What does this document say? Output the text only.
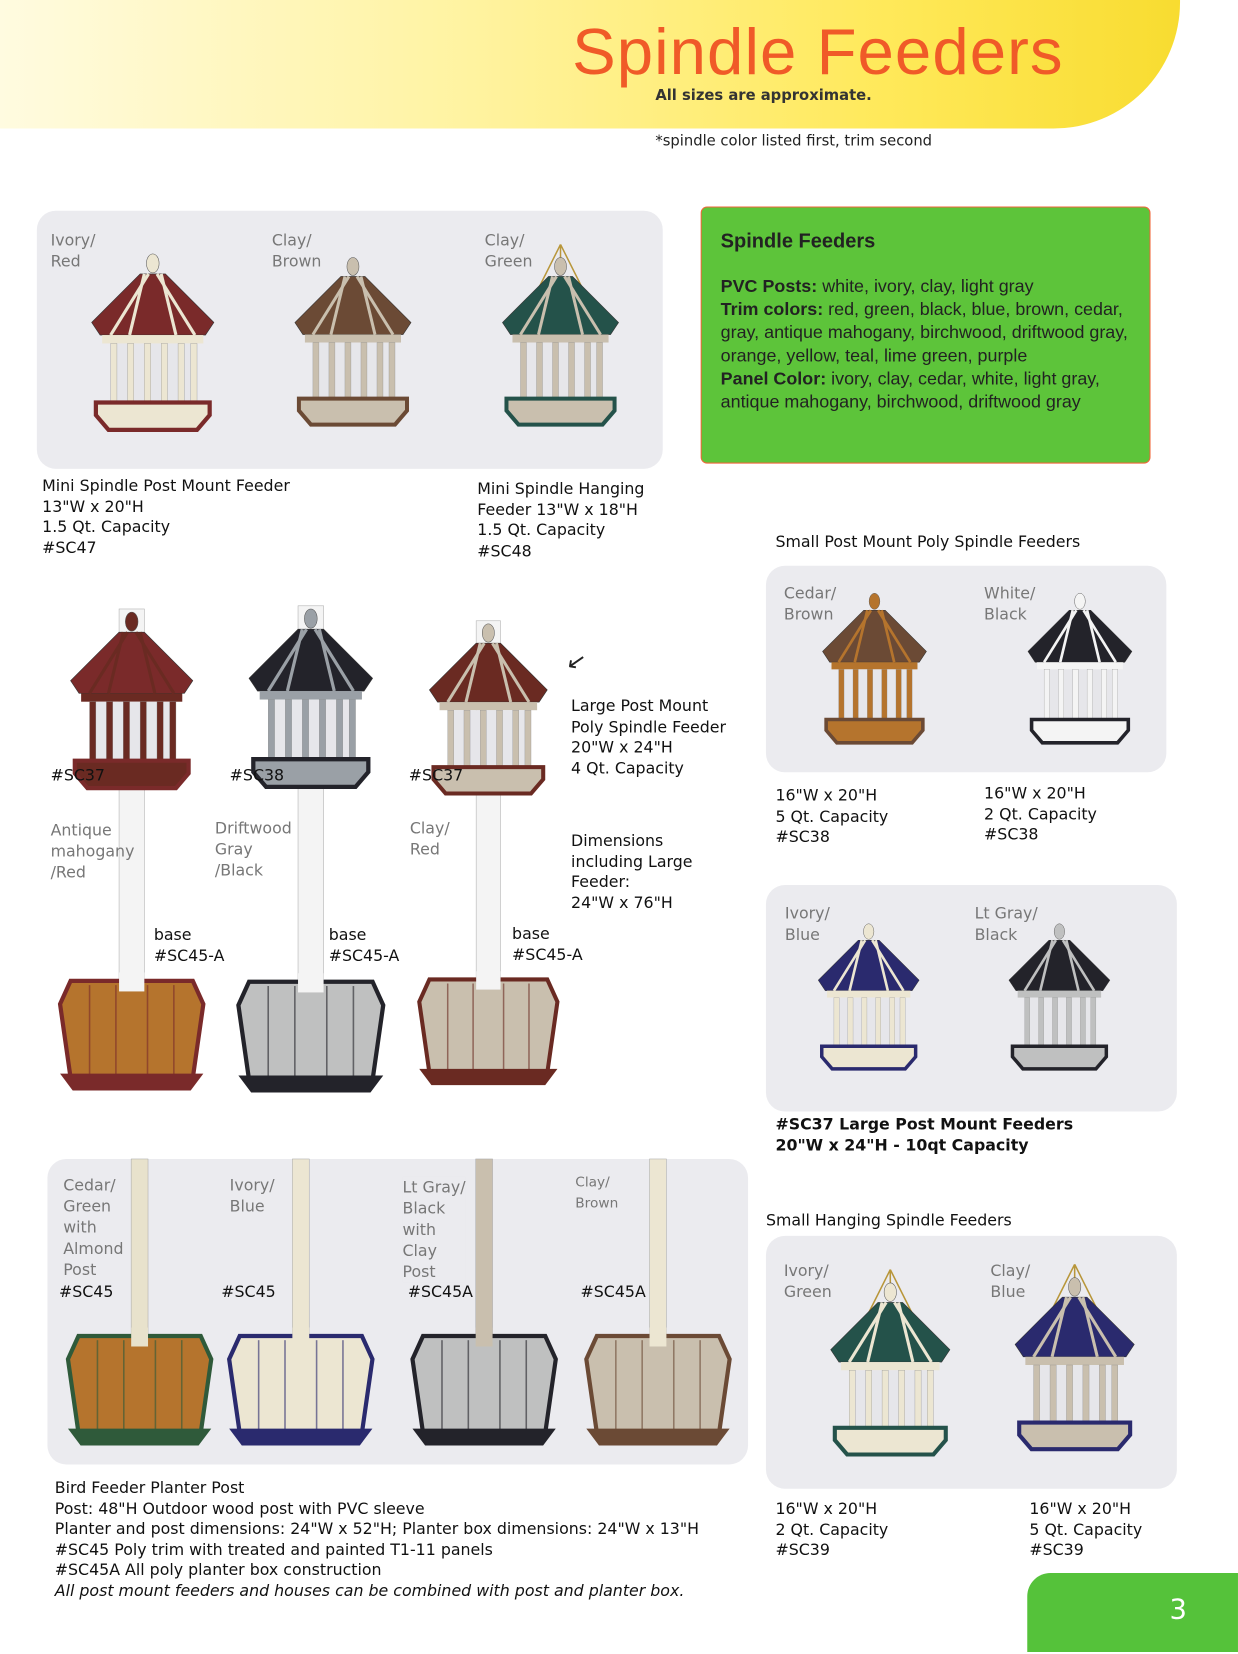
Spindle Feeders
All sizes are approximate.
*spindle color listed first, trim second
Ivory/
Red
Clay/
Brown
Clay/
Green
Mini Spindle Post Mount Feeder
13"W x 20"H
1.5 Qt. Capacity
#SC47
Mini Spindle Hanging
Feeder 13"W x 18"H
1.5 Qt. Capacity
#SC48
Spindle Feeders

PVC Posts: white, ivory, clay, light gray
Trim colors: red, green, black, blue, brown, cedar, gray, antique mahogany, birchwood, driftwood gray, orange, yellow, teal, lime green, purple
Panel Color: ivory, clay, cedar, white, light gray, antique mahogany, birchwood, driftwood gray

Small Post Mount Poly Spindle Feeders
Cedar/
Brown
White/
Black
16"W x 20"H
5 Qt. Capacity
#SC38
16"W x 20"H
2 Qt. Capacity
#SC38
#SC37	#SC38	#SC37
Antique
mahogany
/Red
Driftwood
Gray
/Black
Clay/
Red
base
#SC45-A
base
#SC45-A
base
#SC45-A
←
Large Post Mount
Poly Spindle Feeder
20"W x 24"H
4 Qt. Capacity
Dimensions
including Large
Feeder:
24"W x 76"H
Ivory/
Blue
Lt Gray/
Black
#SC37 Large Post Mount Feeders
20"W x 24"H - 10qt Capacity
Cedar/
Green
with
Almond
Post
Ivory/
Blue
Lt Gray/
Black
with
Clay
Post
Clay/
Brown
#SC45	#SC45	#SC45A	#SC45A
Bird Feeder Planter Post
Post: 48"H Outdoor wood post with PVC sleeve
Planter and post dimensions: 24"W x 52"H; Planter box dimensions: 24"W x 13"H
#SC45 Poly trim with treated and painted T1-11 panels
#SC45A All poly planter box construction
All post mount feeders and houses can be combined with post and planter box.
Small Hanging Spindle Feeders
Ivory/
Green
Clay/
Blue
16"W x 20"H
2 Qt. Capacity
#SC39
16"W x 20"H
5 Qt. Capacity
#SC39
3
